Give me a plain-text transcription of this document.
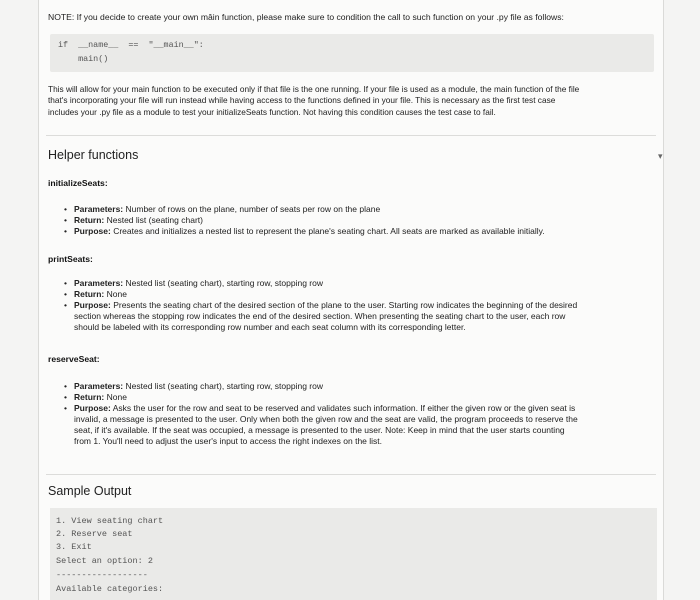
NOTE: If you decide to create your own mâin function, please make sure to condition the call to such function on your .py file as follows:
if  __name__  ==  "__main__":
main()

This will allow for your main function to be executed only if that file is the one running. If your file is used as a module, the main function of the file

that's incorporating your file will run instead while having access to the functions defined in your file. This is necessary as the first test case

includes your .py file as a module to test your initializeSeats function. Not having this condition causes the test case to fail.

Helper functions	▾
initializeSeats:
• Parameters: Number of rows on the plane, number of seats per row on the plane
• Return: Nested list (seating chart)
• Purpose: Creates and initializes a nested list to represent the plane's seating chart. All seats are marked as available initially.
printSeats:
• Parameters: Nested list (seating chart), starting row, stopping row
• Return: None
• Purpose: Presents the seating chart of the desired section of the plane to the user. Starting row indicates the beginning of the desired
section whereas the stopping row indicates the end of the desired section. When presenting the seating chart to the user, each row
should be labeled with its corresponding row number and each seat column with its corresponding letter.
reserveSeat:
• Parameters: Nested list (seating chart), starting row, stopping row
• Return: None
• Purpose: Asks the user for the row and seat to be reserved and validates such information. If either the given row or the given seat is
invalid, a message is presented to the user. Only when both the given row and the seat are valid, the program proceeds to reserve the
seat, if it's available. If the seat was occupied, a message is presented to the user. Note: Keep in mind that the user starts counting
from 1. You'll need to adjust the user's input to access the right indexes on the list.
Sample Output
1. View seating chart
2. Reserve seat
3. Exit
Select an option: 2
------------------
Available categories:
